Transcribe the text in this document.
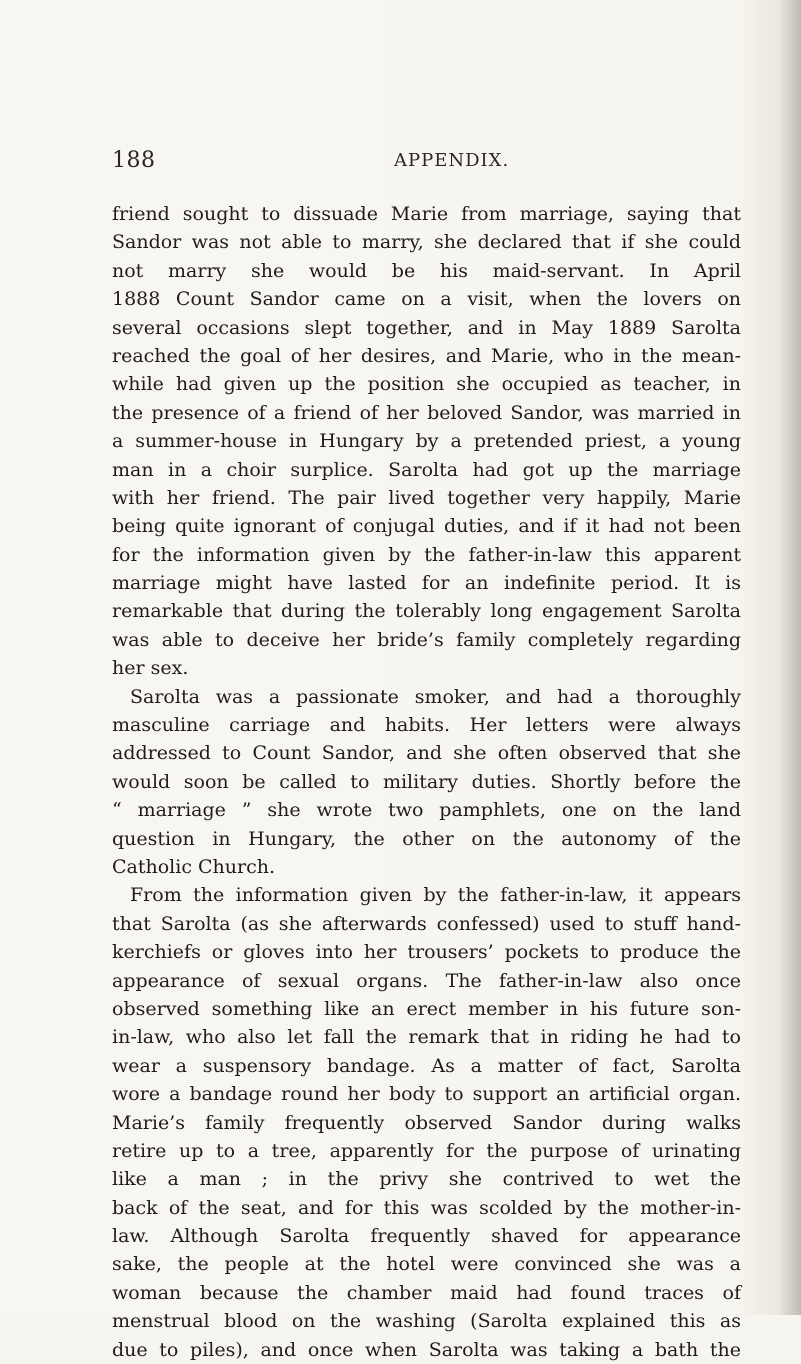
188	APPENDIX.
friend sought to dissuade Marie from marriage, saying that
Sandor was not able to marry, she declared that if she could
not marry she would be his maid-servant. In April
1888 Count Sandor came on a visit, when the lovers on
several occasions slept together, and in May 1889 Sarolta
reached the goal of her desires, and Marie, who in the mean-
while had given up the position she occupied as teacher, in
the presence of a friend of her beloved Sandor, was married in
a summer-house in Hungary by a pretended priest, a young
man in a choir surplice. Sarolta had got up the marriage
with her friend. The pair lived together very happily, Marie
being quite ignorant of conjugal duties, and if it had not been
for the information given by the father-in-law this apparent
marriage might have lasted for an indefinite period. It is
remarkable that during the tolerably long engagement Sarolta
was able to deceive her bride’s family completely regarding
her sex.
Sarolta was a passionate smoker, and had a thoroughly
masculine carriage and habits. Her letters were always
addressed to Count Sandor, and she often observed that she
would soon be called to military duties. Shortly before the
“ marriage ” she wrote two pamphlets, one on the land
question in Hungary, the other on the autonomy of the
Catholic Church.
From the information given by the father-in-law, it appears
that Sarolta (as she afterwards confessed) used to stuff hand-
kerchiefs or gloves into her trousers’ pockets to produce the
appearance of sexual organs. The father-in-law also once
observed something like an erect member in his future son-
in-law, who also let fall the remark that in riding he had to
wear a suspensory bandage. As a matter of fact, Sarolta
wore a bandage round her body to support an artificial organ.
Marie’s family frequently observed Sandor during walks
retire up to a tree, apparently for the purpose of urinating
like a man ; in the privy she contrived to wet the
back of the seat, and for this was scolded by the mother-in-
law. Although Sarolta frequently shaved for appearance
sake, the people at the hotel were convinced she was a
woman because the chamber maid had found traces of
menstrual blood on the washing (Sarolta explained this as
due to piles), and once when Sarolta was taking a bath the
